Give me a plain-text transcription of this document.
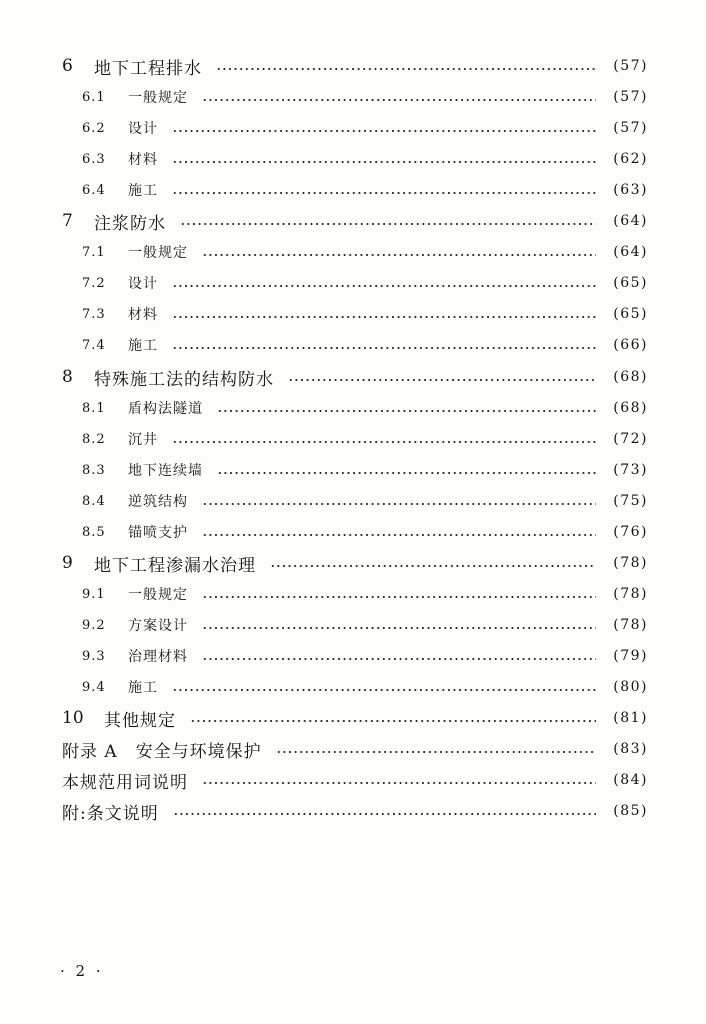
6	地下工程排水	(57)
6.1	一般规定	(57)
6.2	设计	(57)
6.3	材料	(62)
6.4	施工	(63)
7	注浆防水	(64)
7.1	一般规定	(64)
7.2	设计	(65)
7.3	材料	(65)
7.4	施工	(66)
8	特殊施工法的结构防水	(68)
8.1	盾构法隧道	(68)
8.2	沉井	(72)
8.3	地下连续墙	(73)
8.4	逆筑结构	(75)
8.5	锚喷支护	(76)
9	地下工程渗漏水治理	(78)
9.1	一般规定	(78)
9.2	方案设计	(78)
9.3	治理材料	(79)
9.4	施工	(80)
10	其他规定	(81)
附录 A　安全与环境保护	(83)
本规范用词说明	(84)
附:条文说明	(85)
· 2 ·
